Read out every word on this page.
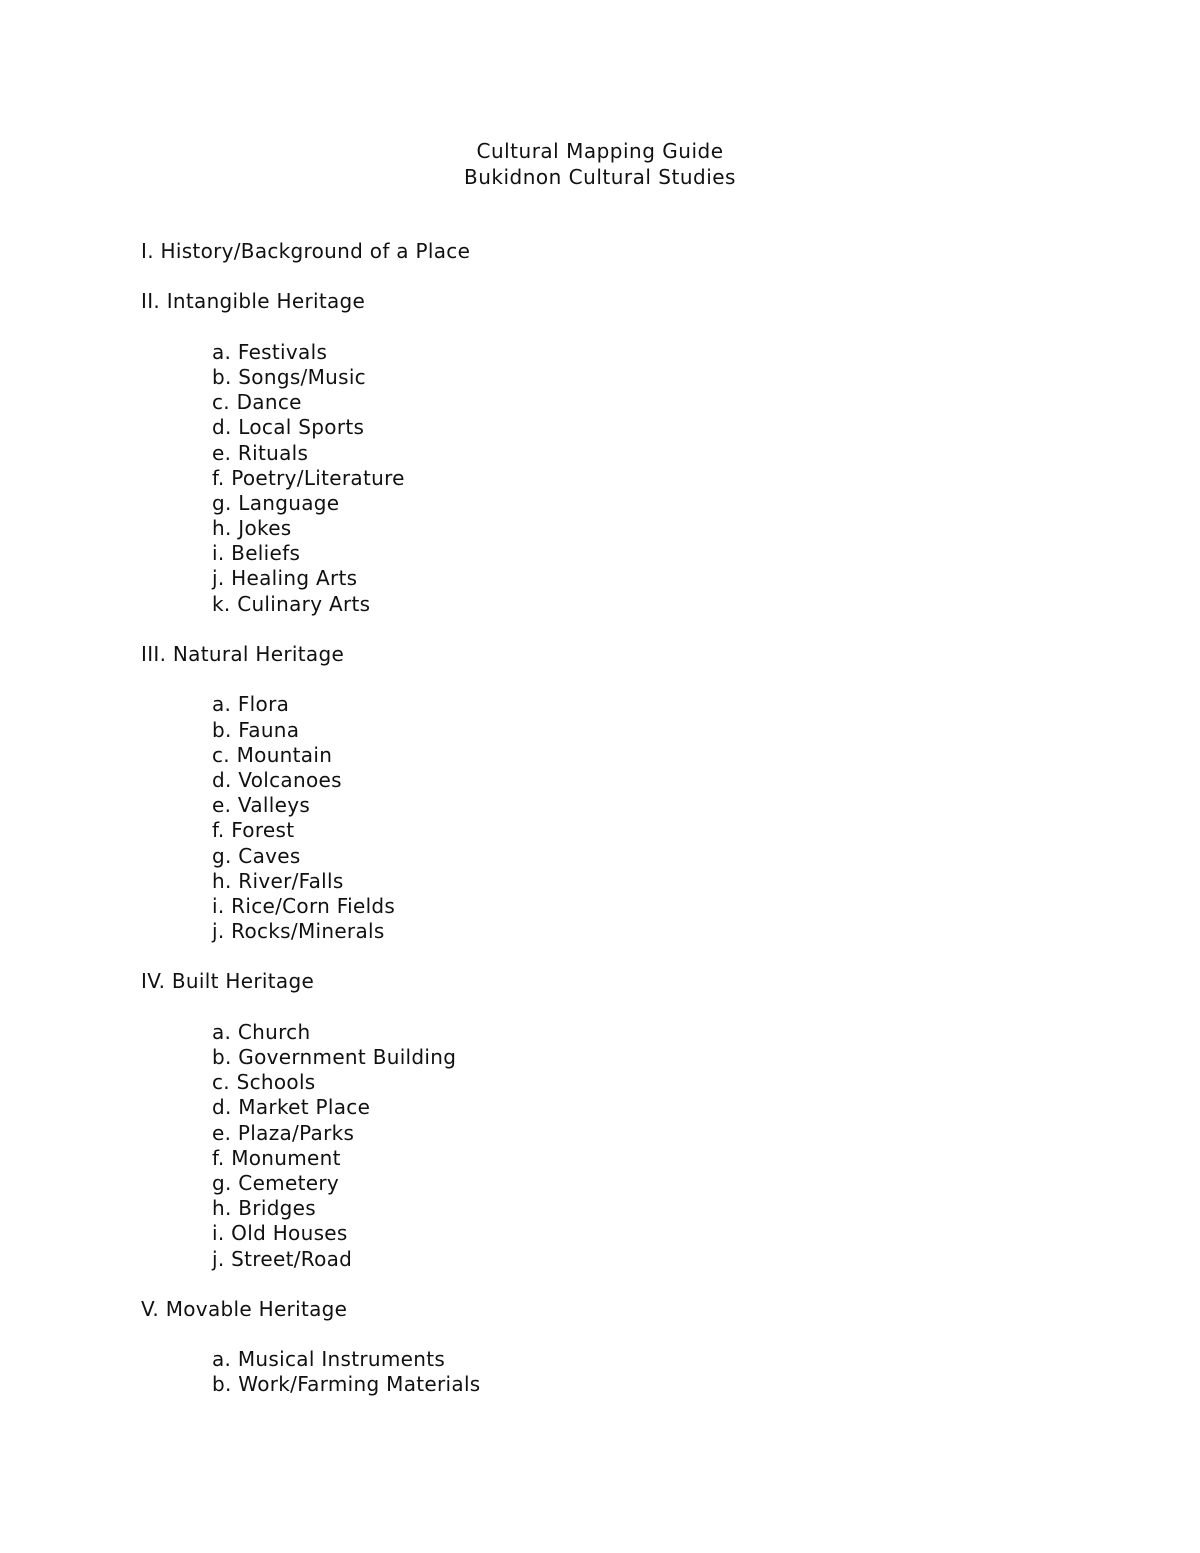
Cultural Mapping Guide
Bukidnon Cultural Studies
I. History/Background of a Place
II. Intangible Heritage
a. Festivals
b. Songs/Music
c. Dance
d. Local Sports
e. Rituals
f. Poetry/Literature
g. Language
h. Jokes
i. Beliefs
j. Healing Arts
k. Culinary Arts
III. Natural Heritage
a. Flora
b. Fauna
c. Mountain
d. Volcanoes
e. Valleys
f. Forest
g. Caves
h. River/Falls
i. Rice/Corn Fields
j. Rocks/Minerals
IV. Built Heritage
a. Church
b. Government Building
c. Schools
d. Market Place
e. Plaza/Parks
f. Monument
g. Cemetery
h. Bridges
i. Old Houses
j. Street/Road
V. Movable Heritage
a. Musical Instruments
b. Work/Farming Materials
